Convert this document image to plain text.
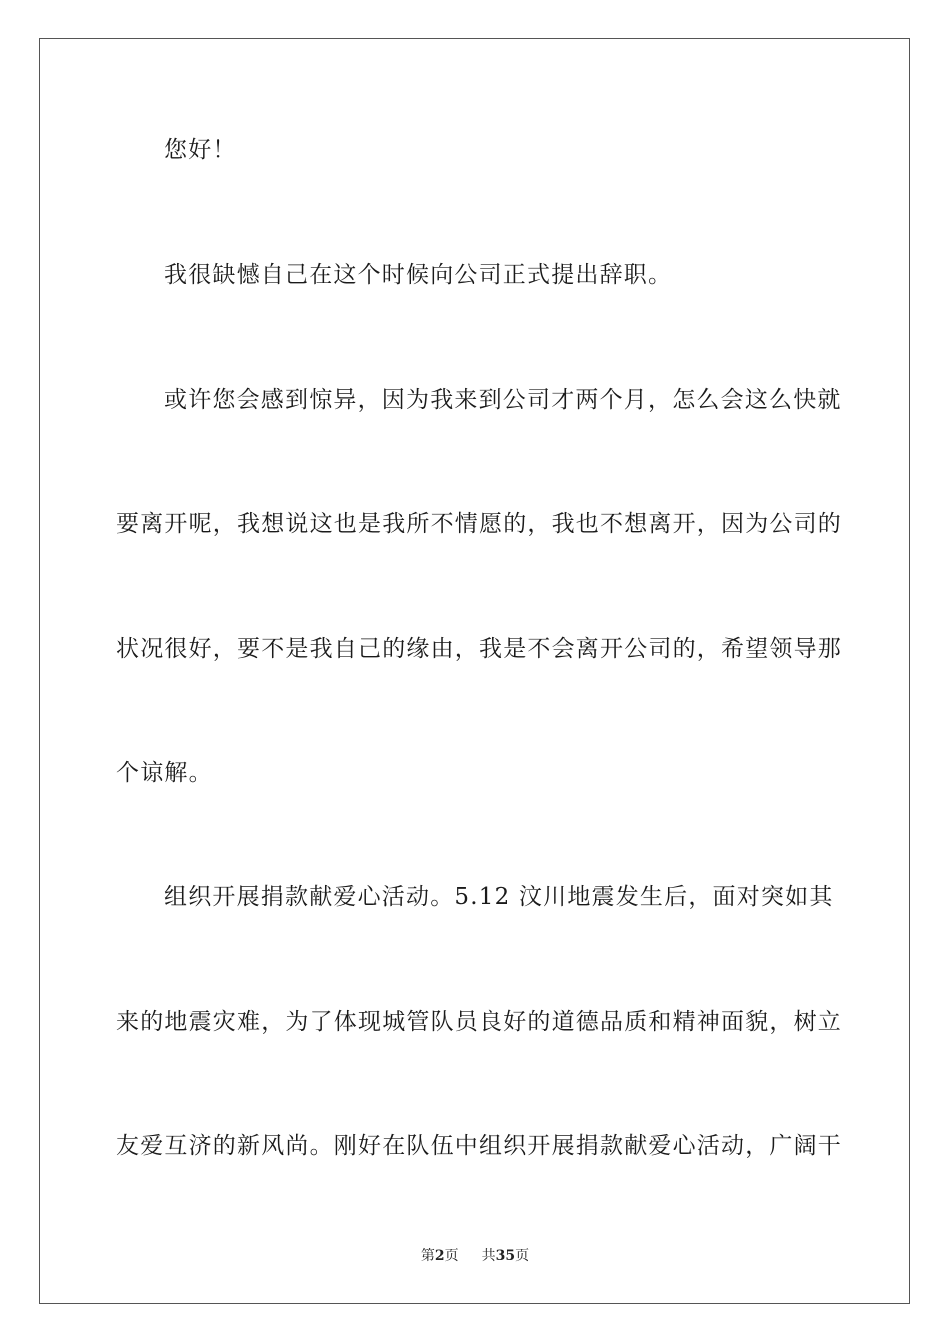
您好！
我很缺憾自己在这个时候向公司正式提出辞职。
或许您会感到惊异，因为我来到公司才两个月，怎么会这么快就
要离开呢，我想说这也是我所不情愿的，我也不想离开，因为公司的
状况很好，要不是我自己的缘由，我是不会离开公司的，希望领导那
个谅解。
组织开展捐款献爱心活动。5.12 汶川地震发生后，面对突如其
来的地震灾难，为了体现城管队员良好的道德品质和精神面貌，树立
友爱互济的新风尚。刚好在队伍中组织开展捐款献爱心活动，广阔干
第2页 共35页
